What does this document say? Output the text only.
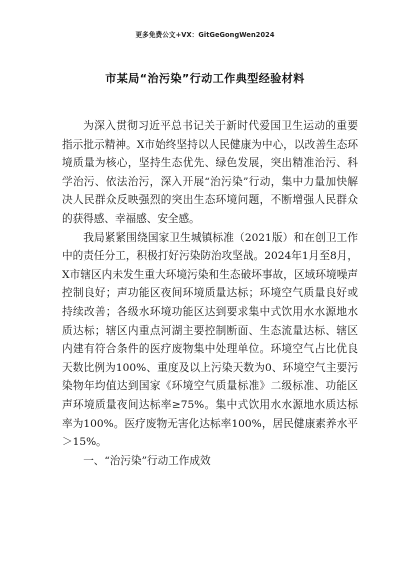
更多免费公文+VX：GitGeGongWen2024
市某局“治污染”行动工作典型经验材料

为深入贯彻习近平总书记关于新时代爱国卫生运动的重要指示批示精神。X市始终坚持以人民健康为中心，以改善生态环境质量为核心，坚持生态优先、绿色发展，突出精准治污、科学治污、依法治污，深入开展“治污染”行动，集中力量加快解决人民群众反映强烈的突出生态环境问题，不断增强人民群众的获得感、幸福感、安全感。

我局紧紧围绕国家卫生城镇标准（2021版）和在创卫工作中的责任分工，积极打好污染防治攻坚战。2024年1月至8月，X市辖区内未发生重大环境污染和生态破坏事故，区域环境噪声控制良好；声功能区夜间环境质量达标；环境空气质量良好或持续改善；各级水环境功能区达到要求集中式饮用水水源地水质达标；辖区内重点河湖主要控制断面、生态流量达标、辖区内建有符合条件的医疗废物集中处理单位。环境空气占比优良天数比例为100%、重度及以上污染天数为0、环境空气主要污染物年均值达到国家《环境空气质量标准》二级标准、功能区声环境质量夜间达标率≥75%。集中式饮用水水源地水质达标率为100%。医疗废物无害化达标率100%，居民健康素养水平＞15%。

一、“治污染”行动工作成效
